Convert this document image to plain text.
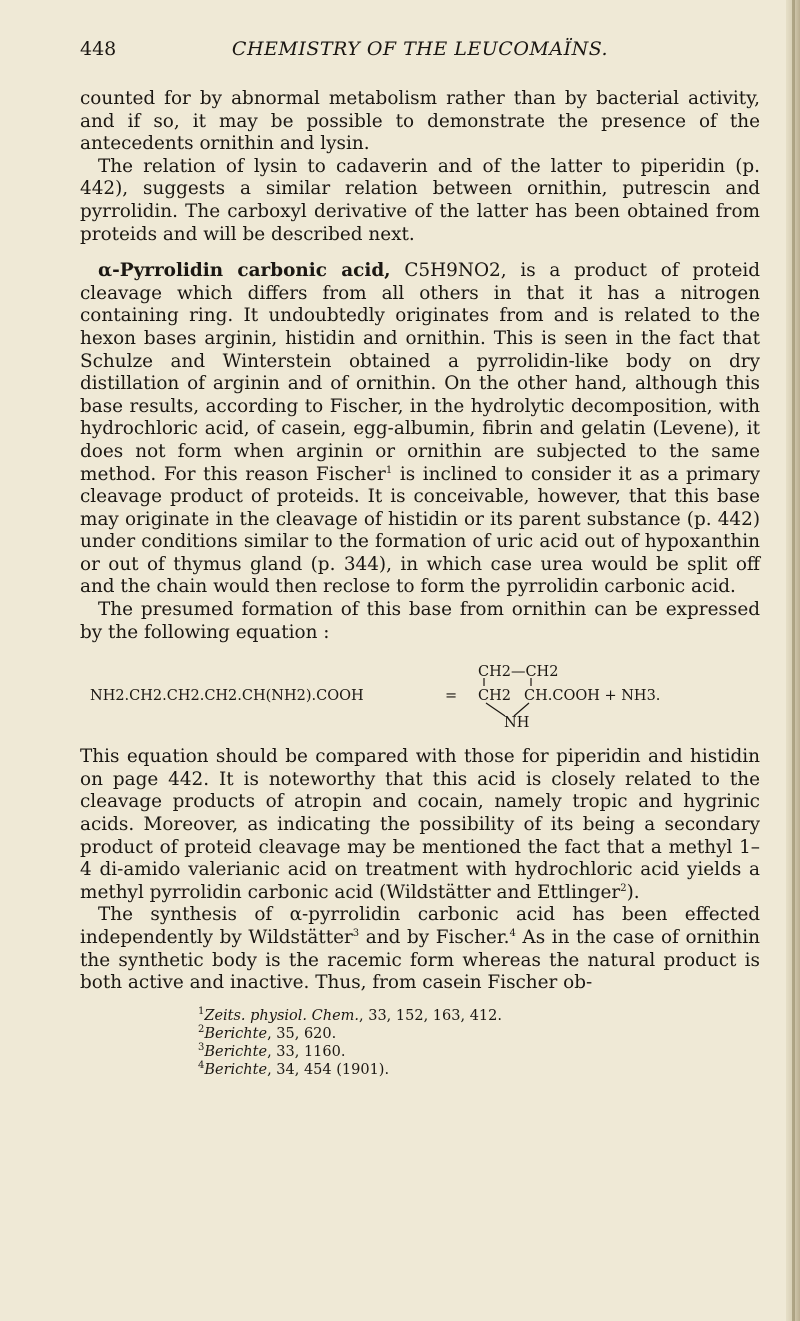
448	CHEMISTRY OF THE LEUCOMAÏNS.

counted for by abnormal metabolism rather than by bacterial activity, and if so, it may be possible to demonstrate the presence of the antecedents ornithin and lysin.

The relation of lysin to cadaverin and of the latter to piperidin (p. 442), suggests a similar relation between ornithin, putrescin and pyrrolidin. The carboxyl derivative of the latter has been obtained from proteids and will be described next.

α-Pyrrolidin carbonic acid, C5H9NO2, is a product of proteid cleavage which differs from all others in that it has a nitrogen containing ring. It undoubtedly originates from and is related to the hexon bases arginin, histidin and ornithin. This is seen in the fact that Schulze and Winterstein obtained a pyrrolidin-like body on dry distillation of arginin and of ornithin. On the other hand, although this base results, according to Fischer, in the hydrolytic decomposition, with hydrochloric acid, of casein, egg-albumin, fibrin and gelatin (Levene), it does not form when arginin or ornithin are subjected to the same method. For this reason Fischer$^1$ is inclined to consider it as a primary cleavage product of proteids. It is conceivable, however, that this base may originate in the cleavage of histidin or its parent substance (p. 442) under conditions similar to the formation of uric acid out of hypoxanthin or out of thymus gland (p. 344), in which case urea would be split off and the chain would then reclose to form the pyrrolidin carbonic acid.

The presumed formation of this base from ornithin can be expressed by the following equation :

NH2.CH2.CH2.CH2.CH(NH2).COOH	=
CH2—CH2
CH2 CH.COOH + NH3.
NH

This equation should be compared with those for piperidin and histidin on page 442. It is noteworthy that this acid is closely related to the cleavage products of atropin and cocain, namely tropic and hygrinic acids. Moreover, as indicating the possibility of its being a secondary product of proteid cleavage may be mentioned the fact that a methyl 1–4 di-amido valerianic acid on treatment with hydrochloric acid yields a methyl pyrrolidin carbonic acid (Wildstätter and Ettlinger$^2$).

The synthesis of α-pyrrolidin carbonic acid has been effected independently by Wildstätter$^3$ and by Fischer.$^4$ As in the case of ornithin the synthetic body is the racemic form whereas the natural product is both active and inactive. Thus, from casein Fischer ob-

$^1$Zeits. physiol. Chem., 33, 152, 163, 412.
$^2$Berichte, 35, 620.
$^3$Berichte, 33, 1160.
$^4$Berichte, 34, 454 (1901).
